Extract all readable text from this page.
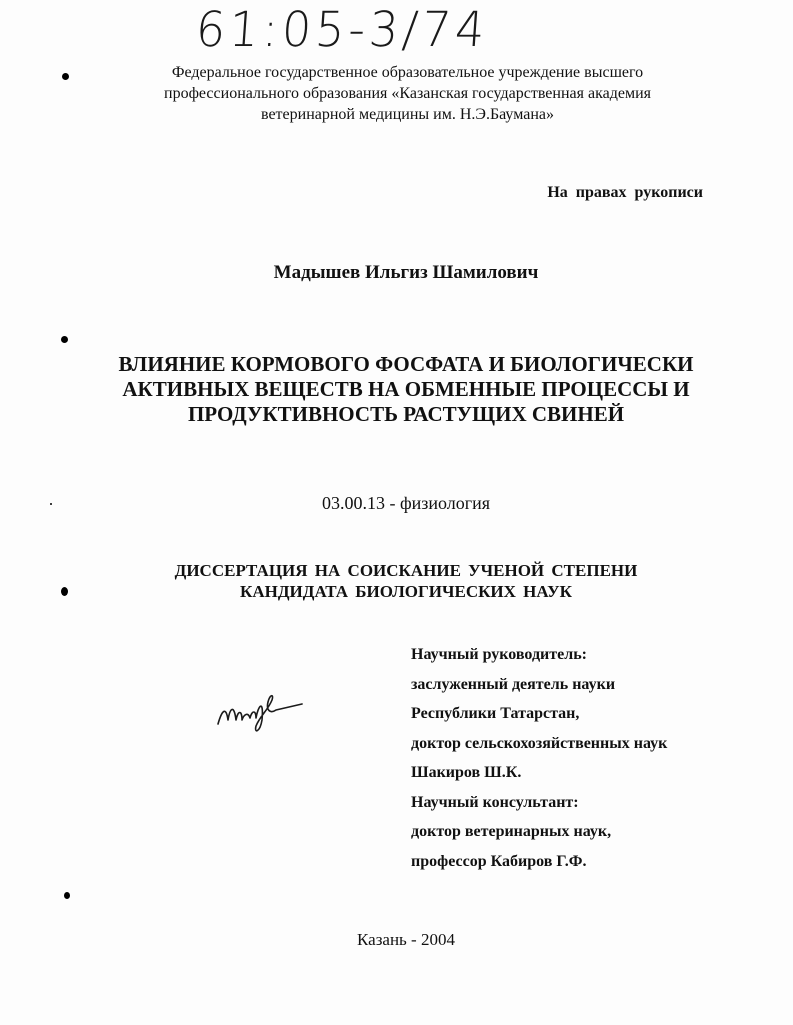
61:05-3/74
Федеральное государственное образовательное учреждение высшего
профессионального образования «Казанская государственная академия
ветеринарной медицины им. Н.Э.Баумана»
На правах рукописи
Мадышев Ильгиз Шамилович
ВЛИЯНИЕ КОРМОВОГО ФОСФАТА И БИОЛОГИЧЕСКИ
АКТИВНЫХ ВЕЩЕСТВ НА ОБМЕННЫЕ ПРОЦЕССЫ И
ПРОДУКТИВНОСТЬ РАСТУЩИХ СВИНЕЙ
03.00.13 - физиология
ДИССЕРТАЦИЯ НА СОИСКАНИЕ УЧЕНОЙ СТЕПЕНИ
КАНДИДАТА БИОЛОГИЧЕСКИХ НАУК
Научный руководитель:
заслуженный деятель науки
Республики Татарстан,
доктор сельскохозяйственных наук
Шакиров Ш.К.
Научный консультант:
доктор ветеринарных наук,
профессор Кабиров Г.Ф.
Казань - 2004
